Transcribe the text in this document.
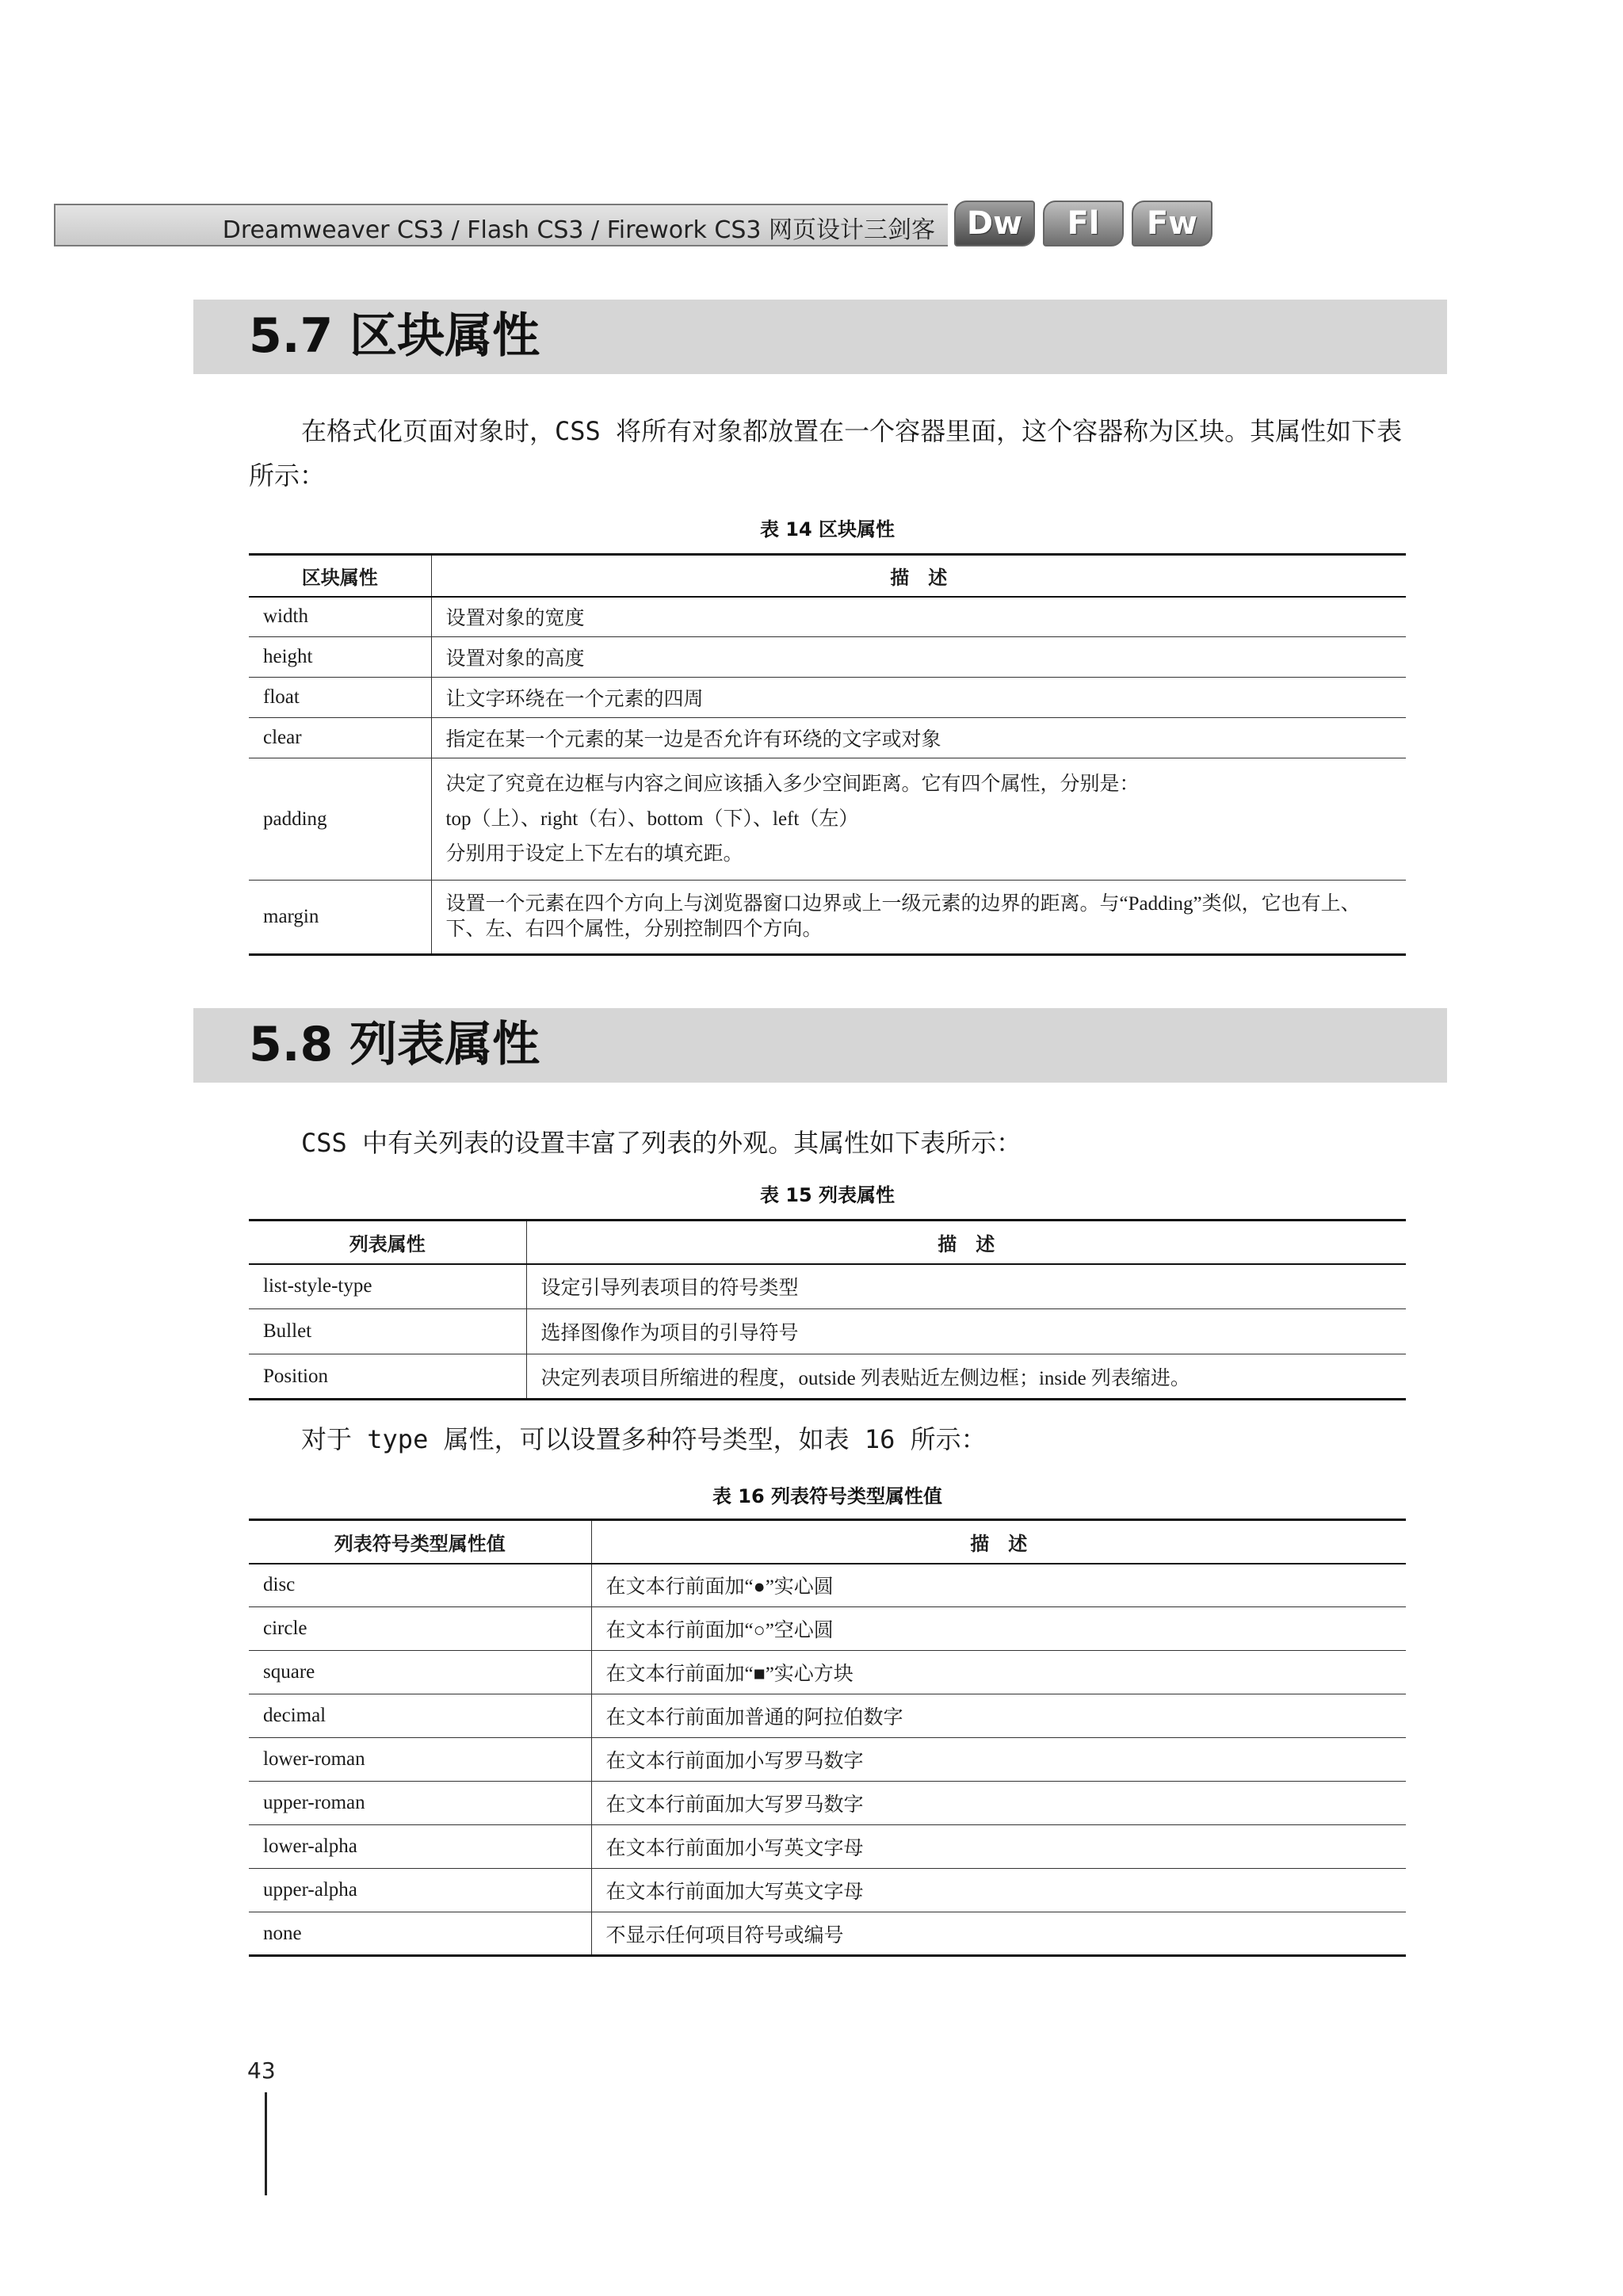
Dreamweaver CS3 / Flash CS3 / Firework CS3 网页设计三剑客 Dw	Fl	Fw
5.7 区块属性
在格式化页面对象时，CSS 将所有对象都放置在一个容器里面，这个容器称为区块。其属性如下表所示：
表 14 区块属性
区块属性	描　述
width	设置对象的宽度
height	设置对象的高度
float	让文字环绕在一个元素的四周
clear	指定在某一个元素的某一边是否允许有环绕的文字或对象
padding	决定了究竟在边框与内容之间应该插入多少空间距离。它有四个属性，分别是：
top（上）、right（右）、bottom（下）、left（左）
分别用于设定上下左右的填充距。

margin	设置一个元素在四个方向上与浏览器窗口边界或上一级元素的边界的距离。与“Padding”类似，它也有上、
下、左、右四个属性，分别控制四个方向。
5.8 列表属性
CSS 中有关列表的设置丰富了列表的外观。其属性如下表所示：
表 15 列表属性
列表属性	描　述
list-style-type	设定引导列表项目的符号类型
Bullet	选择图像作为项目的引导符号
Position	决定列表项目所缩进的程度，outside 列表贴近左侧边框；inside 列表缩进。
对于 type 属性，可以设置多种符号类型，如表 16 所示：
表 16 列表符号类型属性值
列表符号类型属性值	描　述
disc	在文本行前面加“●”实心圆
circle	在文本行前面加“○”空心圆
square	在文本行前面加“■”实心方块
decimal	在文本行前面加普通的阿拉伯数字
lower-roman	在文本行前面加小写罗马数字
upper-roman	在文本行前面加大写罗马数字
lower-alpha	在文本行前面加小写英文字母
upper-alpha	在文本行前面加大写英文字母
none	不显示任何项目符号或编号
43
